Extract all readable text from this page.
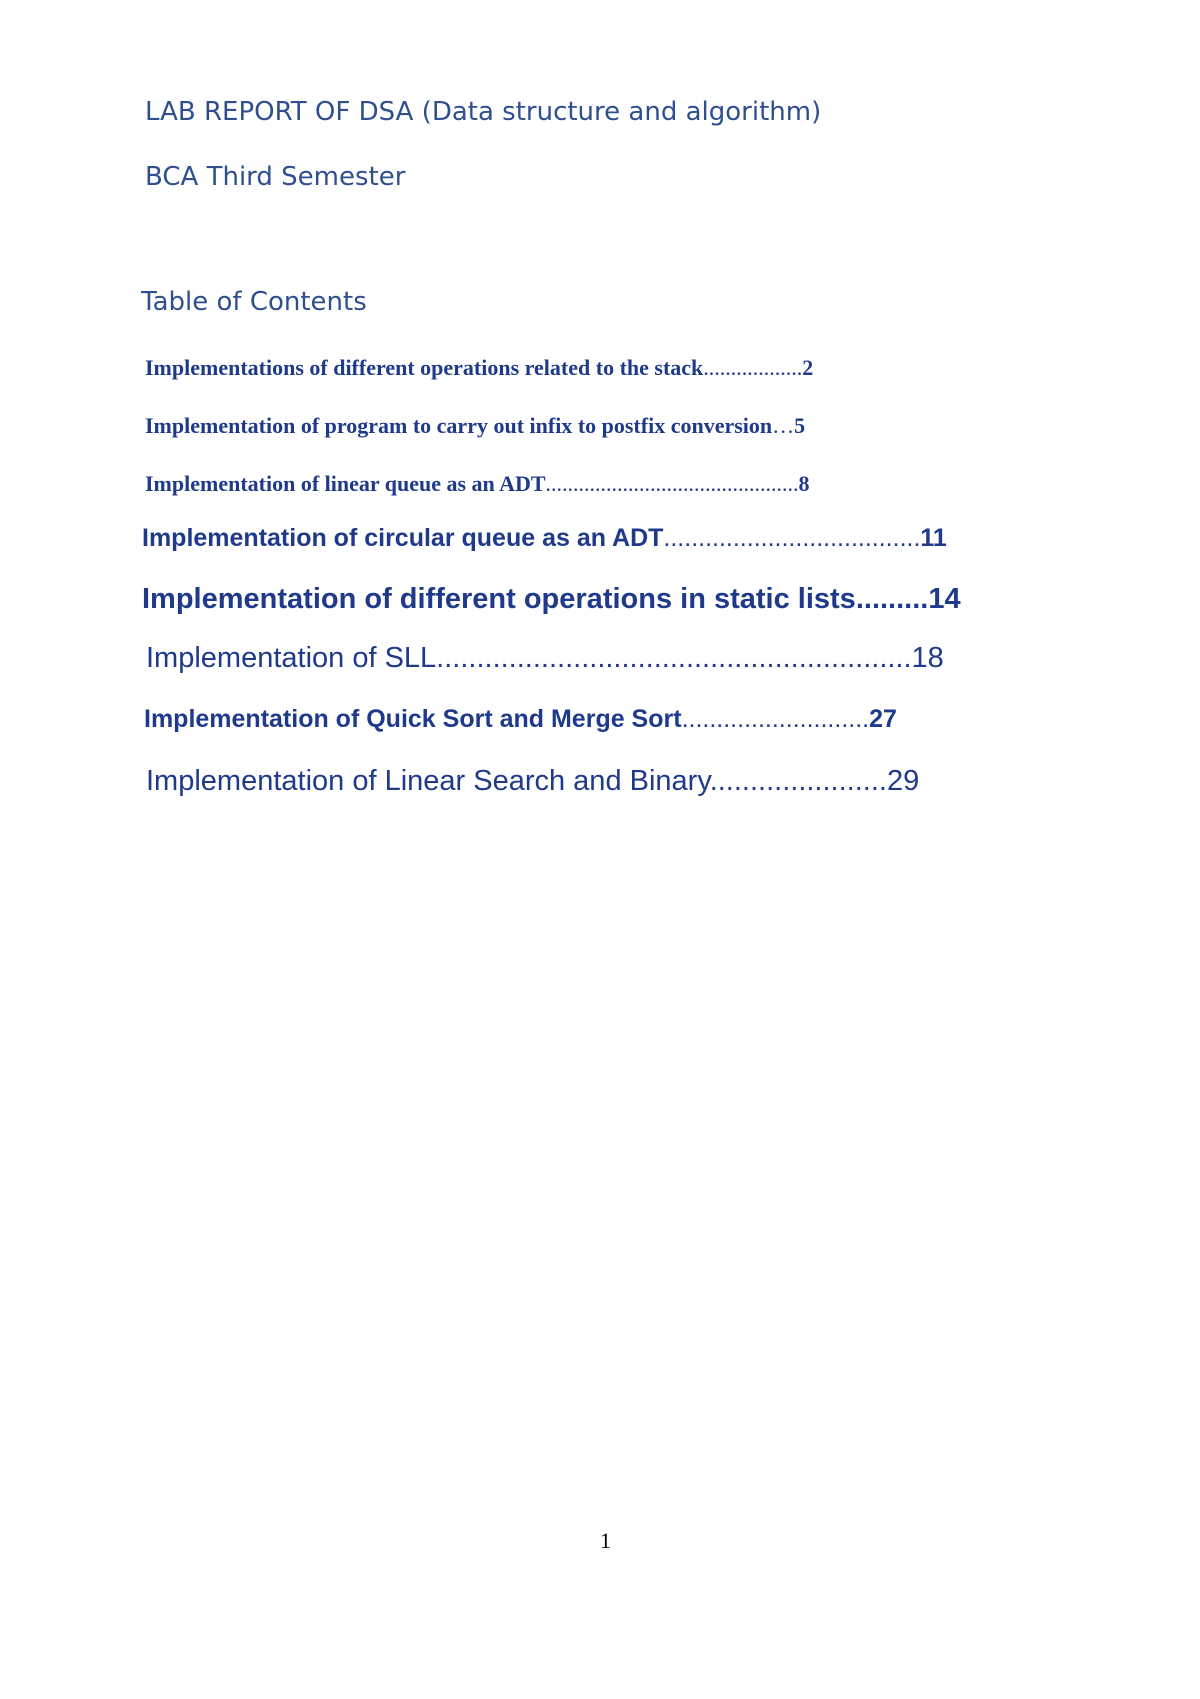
LAB REPORT OF DSA (Data structure and algorithm)
BCA Third Semester
Table of Contents
Implementations of different operations related to the stack..................2
Implementation of program to carry out infix to postfix conversion…5
Implementation of linear queue as an ADT..............................................8
Implementation of circular queue as an ADT.....................................11
Implementation of different operations in static lists.........14
Implementation of SLL...........................................................18
Implementation of Quick Sort and Merge Sort...........................27
Implementation of Linear Search and Binary......................29
1
